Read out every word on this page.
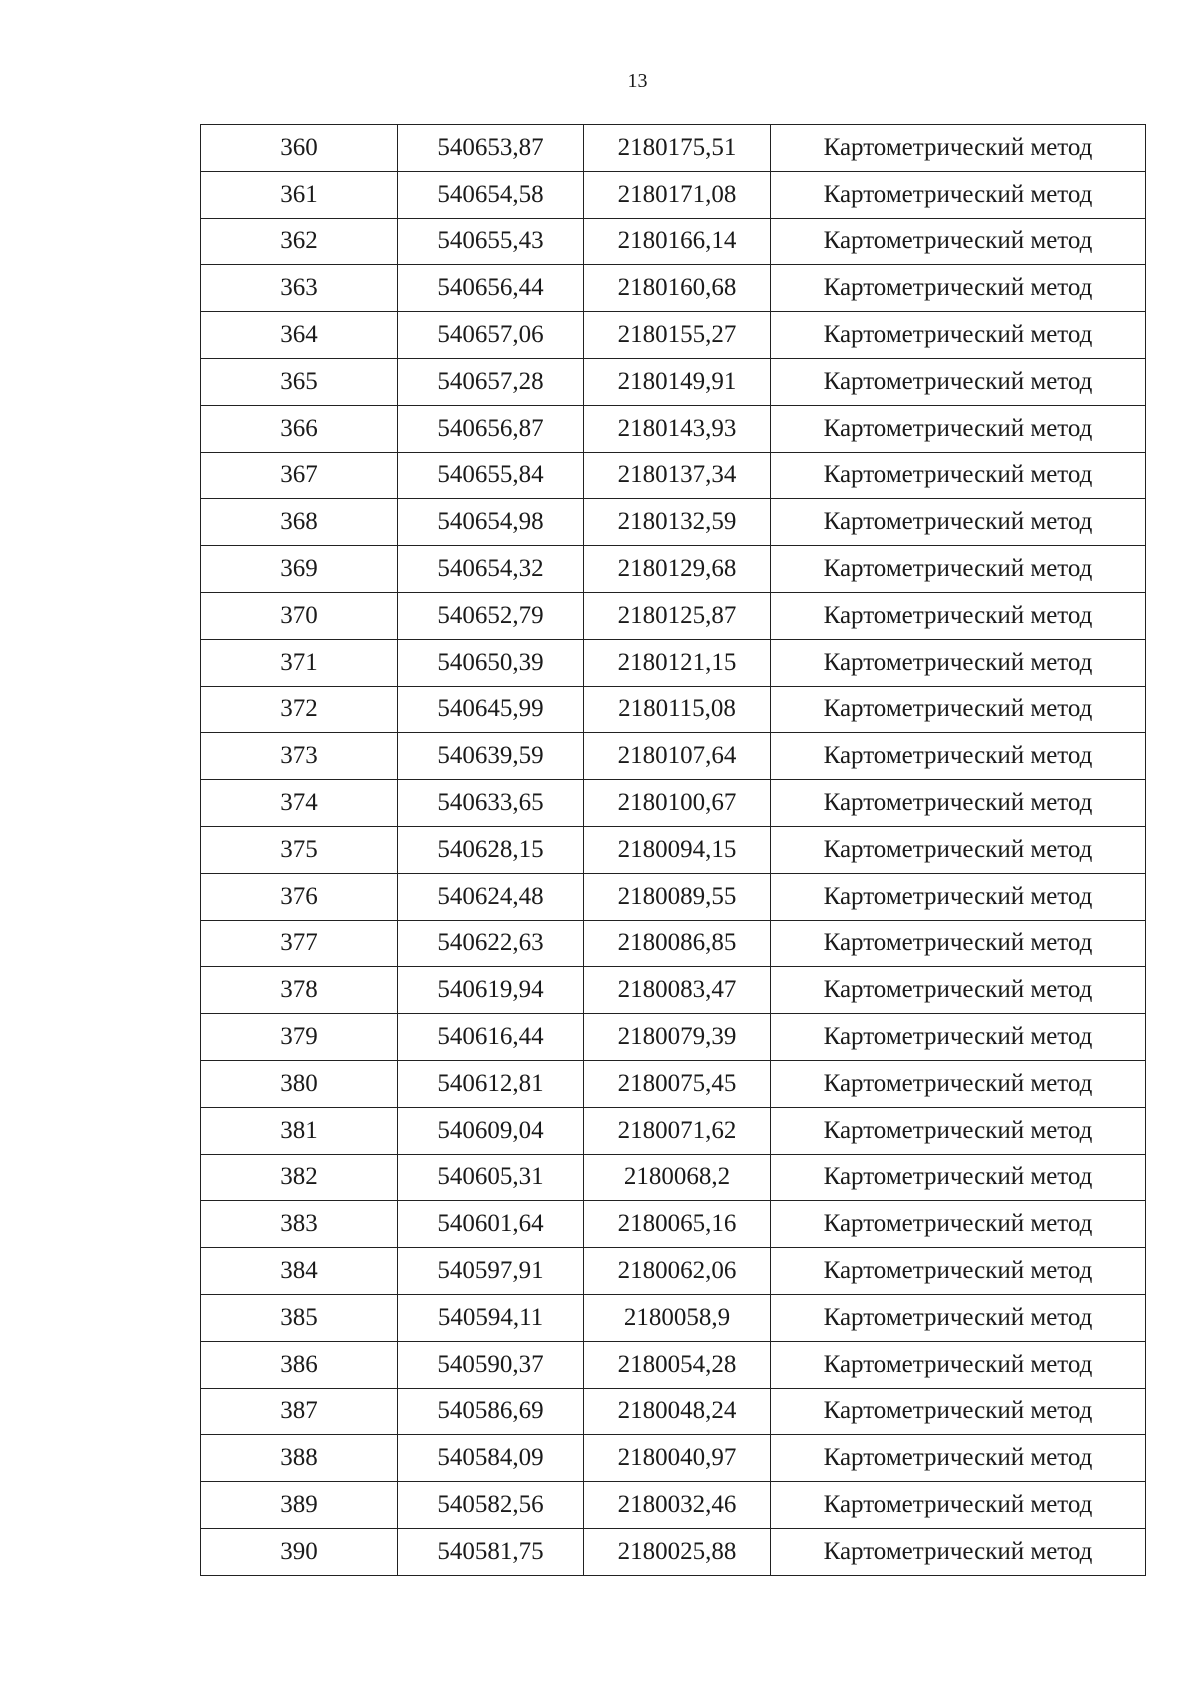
13
360	540653,87	2180175,51	Картометрический метод
361	540654,58	2180171,08	Картометрический метод
362	540655,43	2180166,14	Картометрический метод
363	540656,44	2180160,68	Картометрический метод
364	540657,06	2180155,27	Картометрический метод
365	540657,28	2180149,91	Картометрический метод
366	540656,87	2180143,93	Картометрический метод
367	540655,84	2180137,34	Картометрический метод
368	540654,98	2180132,59	Картометрический метод
369	540654,32	2180129,68	Картометрический метод
370	540652,79	2180125,87	Картометрический метод
371	540650,39	2180121,15	Картометрический метод
372	540645,99	2180115,08	Картометрический метод
373	540639,59	2180107,64	Картометрический метод
374	540633,65	2180100,67	Картометрический метод
375	540628,15	2180094,15	Картометрический метод
376	540624,48	2180089,55	Картометрический метод
377	540622,63	2180086,85	Картометрический метод
378	540619,94	2180083,47	Картометрический метод
379	540616,44	2180079,39	Картометрический метод
380	540612,81	2180075,45	Картометрический метод
381	540609,04	2180071,62	Картометрический метод
382	540605,31	2180068,2	Картометрический метод
383	540601,64	2180065,16	Картометрический метод
384	540597,91	2180062,06	Картометрический метод
385	540594,11	2180058,9	Картометрический метод
386	540590,37	2180054,28	Картометрический метод
387	540586,69	2180048,24	Картометрический метод
388	540584,09	2180040,97	Картометрический метод
389	540582,56	2180032,46	Картометрический метод
390	540581,75	2180025,88	Картометрический метод
